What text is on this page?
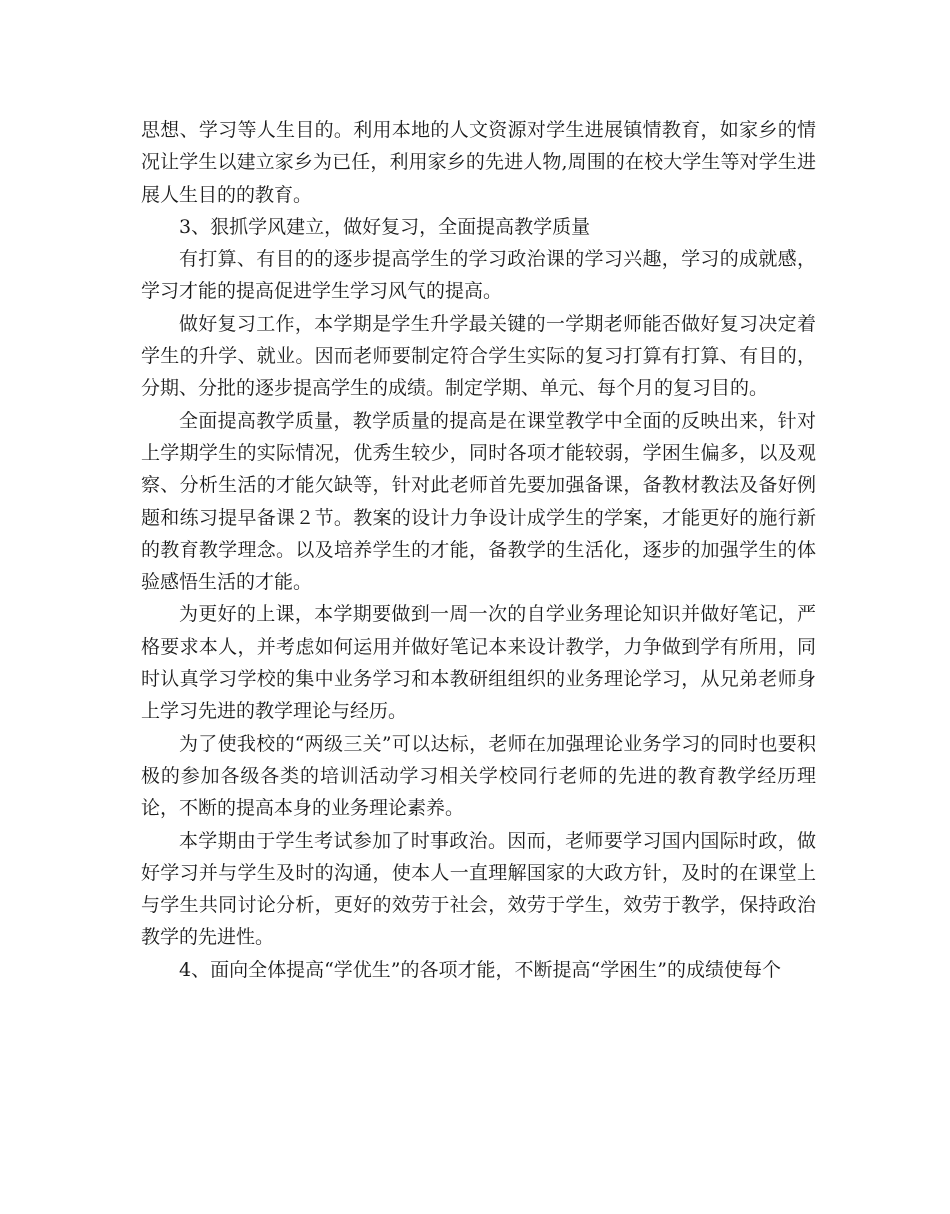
思想、学习等人生目的。利用本地的人文资源对学生进展镇情教育，如家乡的情况让学生以建立家乡为已任，利用家乡的先进人物,周围的在校大学生等对学生进展人生目的的教育。

3、狠抓学风建立，做好复习，全面提高教学质量

有打算、有目的的逐步提高学生的学习政治课的学习兴趣，学习的成就感，学习才能的提高促进学生学习风气的提高。

做好复习工作，本学期是学生升学最关键的一学期老师能否做好复习决定着学生的升学、就业。因而老师要制定符合学生实际的复习打算有打算、有目的，分期、分批的逐步提高学生的成绩。制定学期、单元、每个月的复习目的。

全面提高教学质量，教学质量的提高是在课堂教学中全面的反映出来，针对上学期学生的实际情况，优秀生较少，同时各项才能较弱，学困生偏多，以及观察、分析生活的才能欠缺等，针对此老师首先要加强备课，备教材教法及备好例题和练习提早备课２节。教案的设计力争设计成学生的学案，才能更好的施行新的教育教学理念。以及培养学生的才能，备教学的生活化，逐步的加强学生的体验感悟生活的才能。

为更好的上课，本学期要做到一周一次的自学业务理论知识并做好笔记，严格要求本人，并考虑如何运用并做好笔记本来设计教学，力争做到学有所用，同时认真学习学校的集中业务学习和本教研组组织的业务理论学习，从兄弟老师身上学习先进的教学理论与经历。

为了使我校的“两级三关”可以达标，老师在加强理论业务学习的同时也要积极的参加各级各类的培训活动学习相关学校同行老师的先进的教育教学经历理论，不断的提高本身的业务理论素养。

本学期由于学生考试参加了时事政治。因而，老师要学习国内国际时政，做好学习并与学生及时的沟通，使本人一直理解国家的大政方针，及时的在课堂上与学生共同讨论分析，更好的效劳于社会，效劳于学生，效劳于教学，保持政治教学的先进性。

4、面向全体提高“学优生”的各项才能，不断提高“学困生”的成绩使每个
